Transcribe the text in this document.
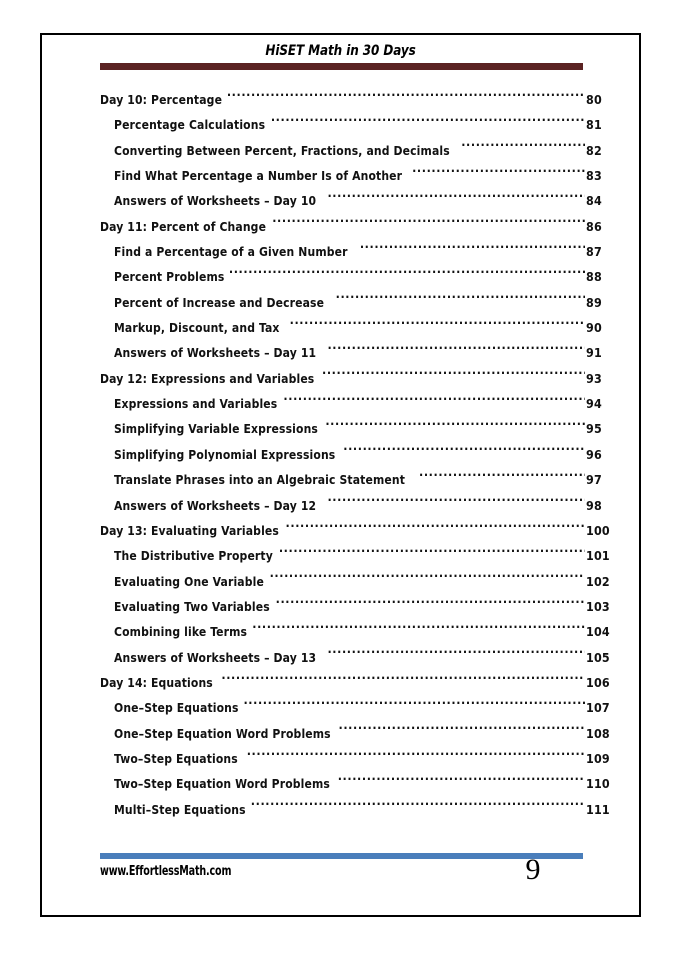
HiSET Math in 30 Days
Day 10: Percentage .....	80
Percentage Calculations .....	81
Converting Between Percent, Fractions, and Decimals .....	82
Find What Percentage a Number Is of Another .....	83
Answers of Worksheets – Day 10 .....	84
Day 11: Percent of Change .....	86
Find a Percentage of a Given Number .....	87
Percent Problems .....	88
Percent of Increase and Decrease .....	89
Markup, Discount, and Tax .....	90
Answers of Worksheets – Day 11 .....	91
Day 12: Expressions and Variables .....	93
Expressions and Variables .....	94
Simplifying Variable Expressions .....	95
Simplifying Polynomial Expressions .....	96
Translate Phrases into an Algebraic Statement .....	97
Answers of Worksheets – Day 12 .....	98
Day 13: Evaluating Variables .....	100
The Distributive Property .....	101
Evaluating One Variable .....	102
Evaluating Two Variables .....	103
Combining like Terms .....	104
Answers of Worksheets – Day 13 .....	105
Day 14: Equations .....	106
One–Step Equations .....	107
One–Step Equation Word Problems .....	108
Two–Step Equations .....	109
Two–Step Equation Word Problems .....	110
Multi–Step Equations .....	111
www.EffortlessMath.com	9
